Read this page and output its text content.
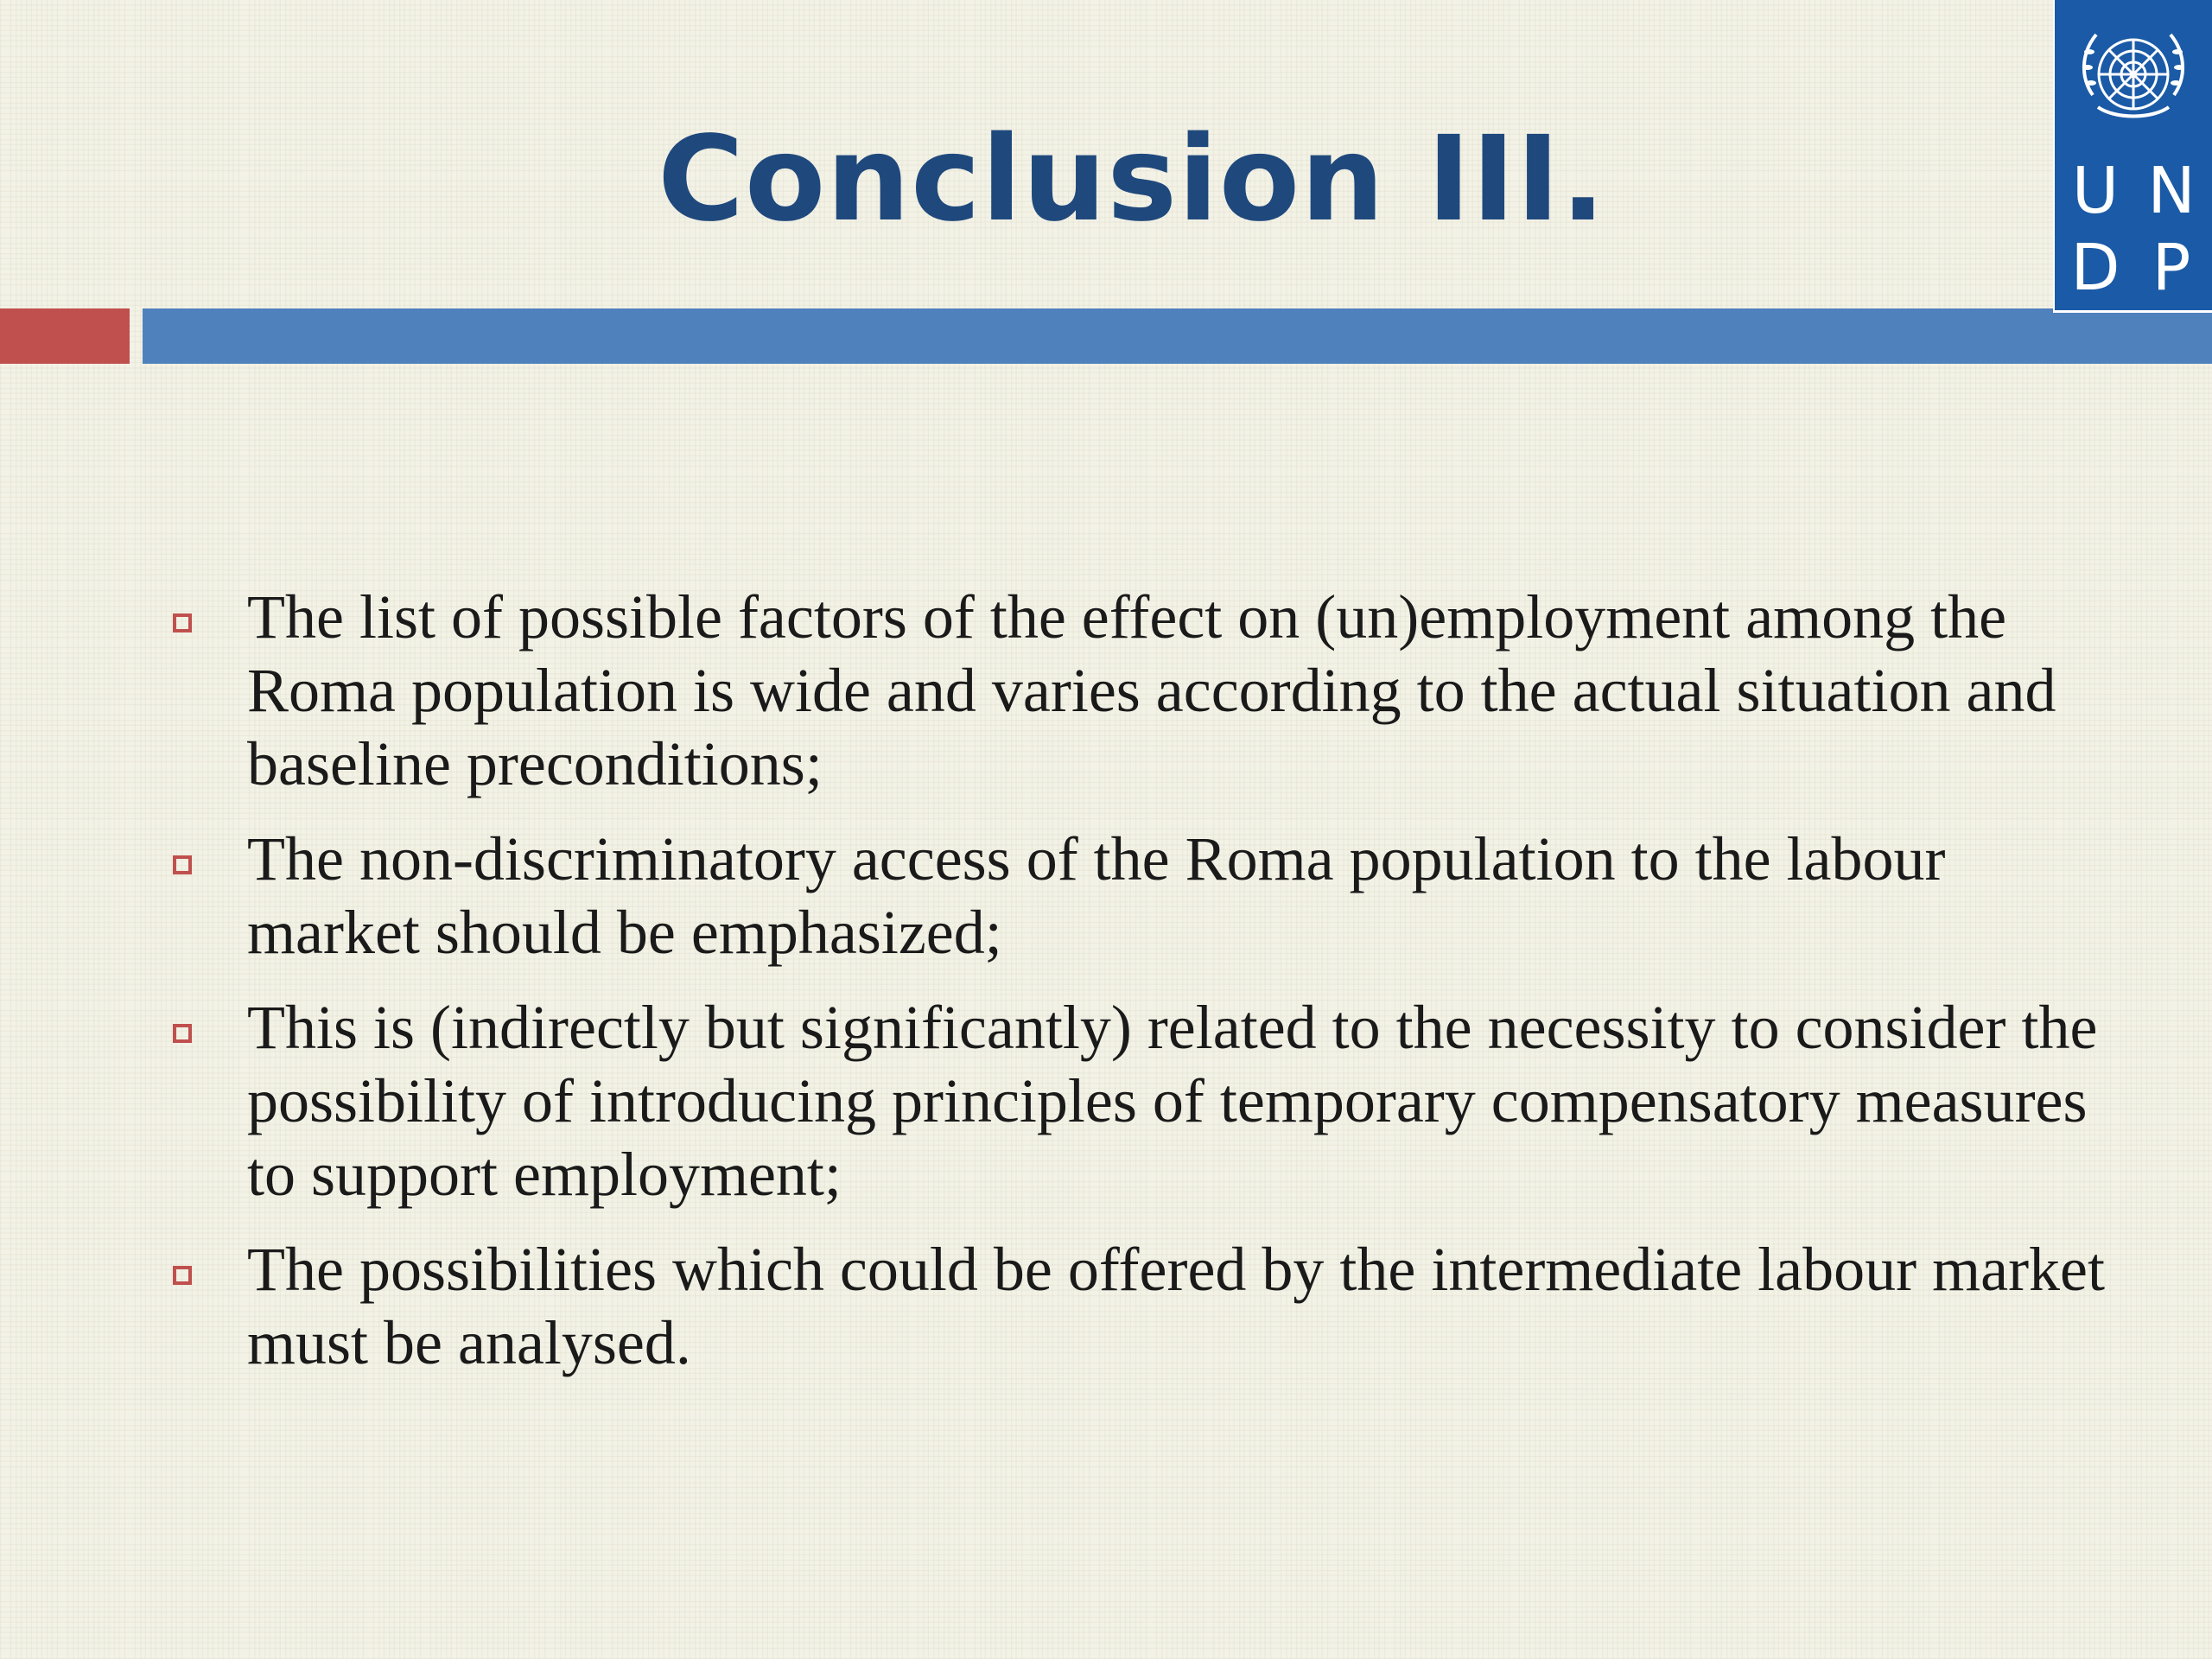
Conclusion III.	U N
D P
The list of possible factors of the effect on (un)employment among the Roma population is wide and varies according to the actual situation and baseline preconditions;
The non-discriminatory access of the Roma population to the labour market should be emphasized;
This is (indirectly but significantly) related to the necessity to consider the possibility of introducing principles of temporary compensatory measures to support employment;
The possibilities which could be offered by the intermediate labour market must be analysed.
